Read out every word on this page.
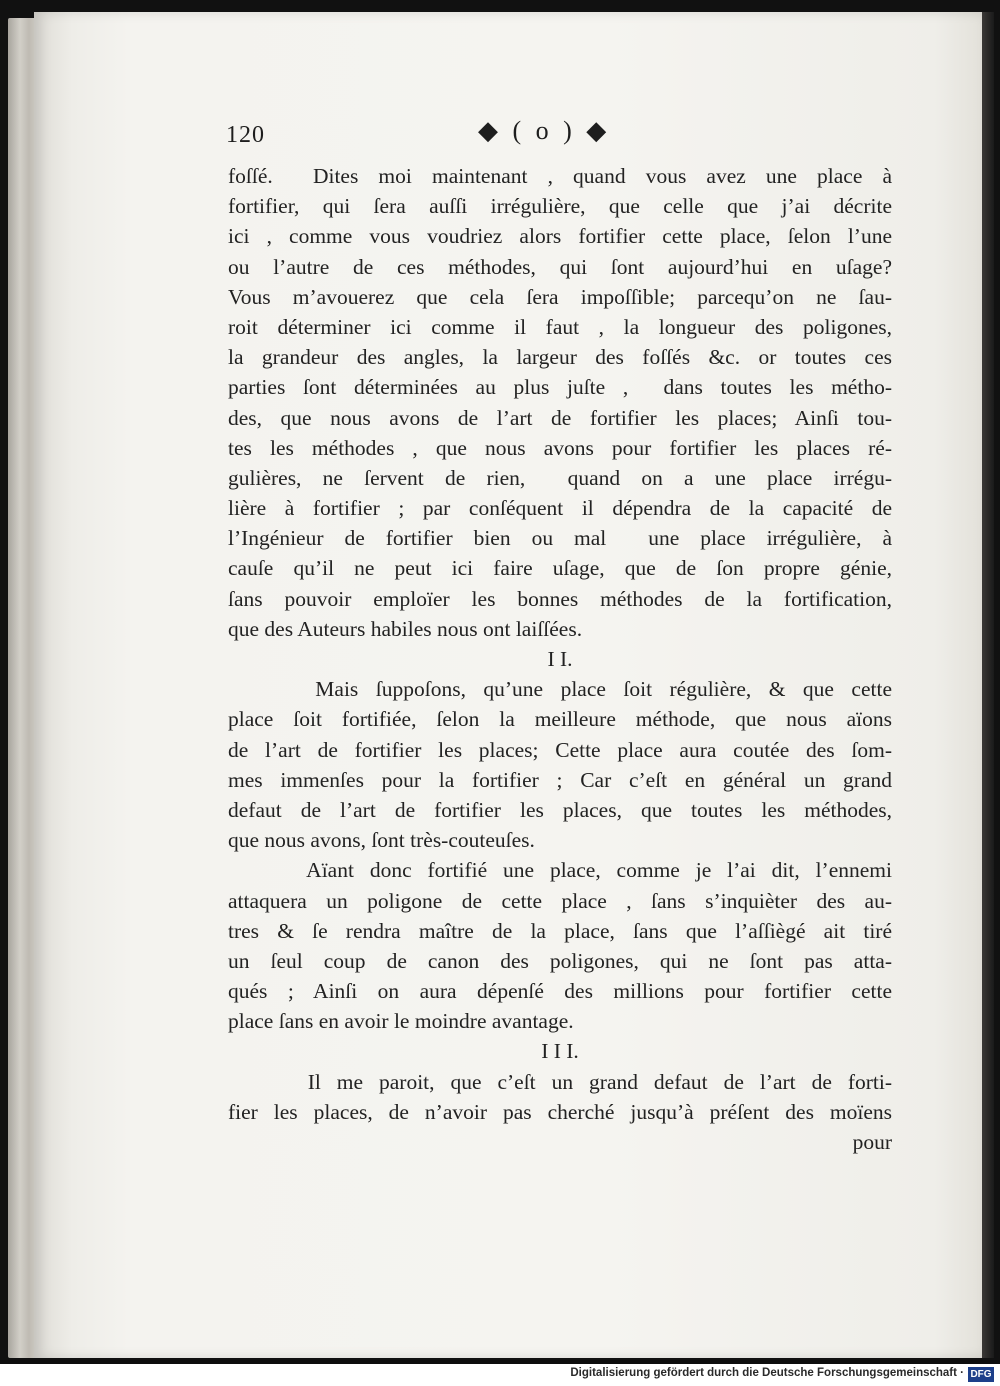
120	◆ ( o ) ◆
foſſé.  Dites moi maintenant , quand vous avez une place à
fortifier, qui ſera auſſi irrégulière, que celle que j’ai décrite
ici , comme vous voudriez alors fortifier cette place, ſelon l’une
ou l’autre de ces méthodes, qui ſont aujourd’hui en uſage?
Vous m’avouerez que cela ſera impoſſible; parcequ’on ne ſau-
roit déterminer ici comme il faut , la longueur des poligones,
la grandeur des angles, la largeur des foſſés &c. or toutes ces
parties ſont déterminées au plus juſte ,  dans toutes les métho-
des, que nous avons de l’art de fortifier les places; Ainſi tou-
tes les méthodes , que nous avons pour fortifier les places ré-
gulières, ne ſervent de rien,  quand on a une place irrégu-
lière à fortifier ; par conſéquent il dépendra de la capacité de
l’Ingénieur de fortifier bien ou mal  une place irrégulière, à
cauſe qu’il ne peut ici faire uſage, que de ſon propre génie,
ſans pouvoir emploïer les bonnes méthodes de la fortification,
que des Auteurs habiles nous ont laiſſées.
I I.
Mais ſuppoſons, qu’une place ſoit régulière, & que cette
place ſoit fortifiée, ſelon la meilleure méthode, que nous aïons
de l’art de fortifier les places; Cette place aura coutée des ſom-
mes immenſes pour la fortifier ; Car c’eſt en général un grand
defaut de l’art de fortifier les places, que toutes les méthodes,
que nous avons, ſont très-couteuſes.
Aïant donc fortifié une place, comme je l’ai dit, l’ennemi
attaquera un poligone de cette place , ſans s’inquièter des au-
tres & ſe rendra maître de la place, ſans que l’aſſiègé ait tiré
un ſeul coup de canon des poligones, qui ne ſont pas atta-
qués ; Ainſi on aura dépenſé des millions pour fortifier cette
place ſans en avoir le moindre avantage.
I I I.
Il me paroit, que c’eſt un grand defaut de l’art de forti-
fier les places, de n’avoir pas cherché jusqu’à préſent des moïens
pour
Digitalisierung gefördert durch die Deutsche Forschungsgemeinschaft · DFG
